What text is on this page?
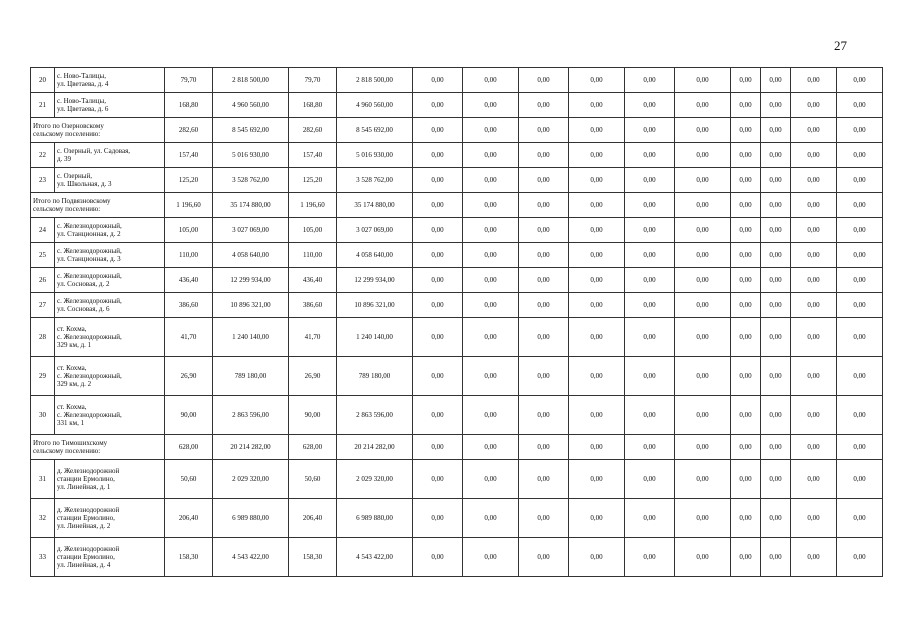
27
20	с. Ново-Талицы,
ул. Цветаева, д. 4	79,70	2 818 500,00	79,70	2 818 500,00	0,00	0,00	0,00	0,00	0,00	0,00	0,00	0,00	0,00	0,00
21	с. Ново-Талицы,
ул. Цветаева, д. 6	168,80	4 960 560,00	168,80	4 960 560,00	0,00	0,00	0,00	0,00	0,00	0,00	0,00	0,00	0,00	0,00

Итого по Озерновскому
сельскому поселению:		282,60	8 545 692,00	282,60	8 545 692,00	0,00	0,00	0,00	0,00	0,00	0,00	0,00	0,00	0,00	0,00
22	с. Озерный, ул. Садовая,
д. 39	157,40	5 016 930,00	157,40	5 016 930,00	0,00	0,00	0,00	0,00	0,00	0,00	0,00	0,00	0,00	0,00
23	с. Озерный,
ул. Школьная, д. 3	125,20	3 528 762,00	125,20	3 528 762,00	0,00	0,00	0,00	0,00	0,00	0,00	0,00	0,00	0,00	0,00

Итого по Подвязновскому
сельскому поселению:		1 196,60	35 174 880,00	1 196,60	35 174 880,00	0,00	0,00	0,00	0,00	0,00	0,00	0,00	0,00	0,00	0,00
24	с. Железнодорожный,
ул. Станционная, д. 2	105,00	3 027 069,00	105,00	3 027 069,00	0,00	0,00	0,00	0,00	0,00	0,00	0,00	0,00	0,00	0,00
25	с. Железнодорожный,
ул. Станционная, д. 3	110,00	4 058 640,00	110,00	4 058 640,00	0,00	0,00	0,00	0,00	0,00	0,00	0,00	0,00	0,00	0,00
26	с. Железнодорожный,
ул. Сосновая, д. 2	436,40	12 299 934,00	436,40	12 299 934,00	0,00	0,00	0,00	0,00	0,00	0,00	0,00	0,00	0,00	0,00
27	с. Железнодорожный,
ул. Сосновая, д. 6	386,60	10 896 321,00	386,60	10 896 321,00	0,00	0,00	0,00	0,00	0,00	0,00	0,00	0,00	0,00	0,00
28	ст. Кохма,
с. Железнодорожный,
329 км, д. 1	41,70	1 240 140,00	41,70	1 240 140,00	0,00	0,00	0,00	0,00	0,00	0,00	0,00	0,00	0,00	0,00
29	ст. Кохма,
с. Железнодорожный,
329 км, д. 2	26,90	789 180,00	26,90	789 180,00	0,00	0,00	0,00	0,00	0,00	0,00	0,00	0,00	0,00	0,00
30	ст. Кохма,
с. Железнодорожный,
331 км, 1	90,00	2 863 596,00	90,00	2 863 596,00	0,00	0,00	0,00	0,00	0,00	0,00	0,00	0,00	0,00	0,00

Итого по Тимошихскому
сельскому поселению:		628,00	20 214 282,00	628,00	20 214 282,00	0,00	0,00	0,00	0,00	0,00	0,00	0,00	0,00	0,00	0,00
31	д. Железнодорожной
станции Ермолино,
ул. Линейная, д. 1	50,60	2 029 320,00	50,60	2 029 320,00	0,00	0,00	0,00	0,00	0,00	0,00	0,00	0,00	0,00	0,00
32	д. Железнодорожной
станции Ермолино,
ул. Линейная, д. 2	206,40	6 989 880,00	206,40	6 989 880,00	0,00	0,00	0,00	0,00	0,00	0,00	0,00	0,00	0,00	0,00
33	д. Железнодорожной
станции Ермолино,
ул. Линейная, д. 4	158,30	4 543 422,00	158,30	4 543 422,00	0,00	0,00	0,00	0,00	0,00	0,00	0,00	0,00	0,00	0,00
